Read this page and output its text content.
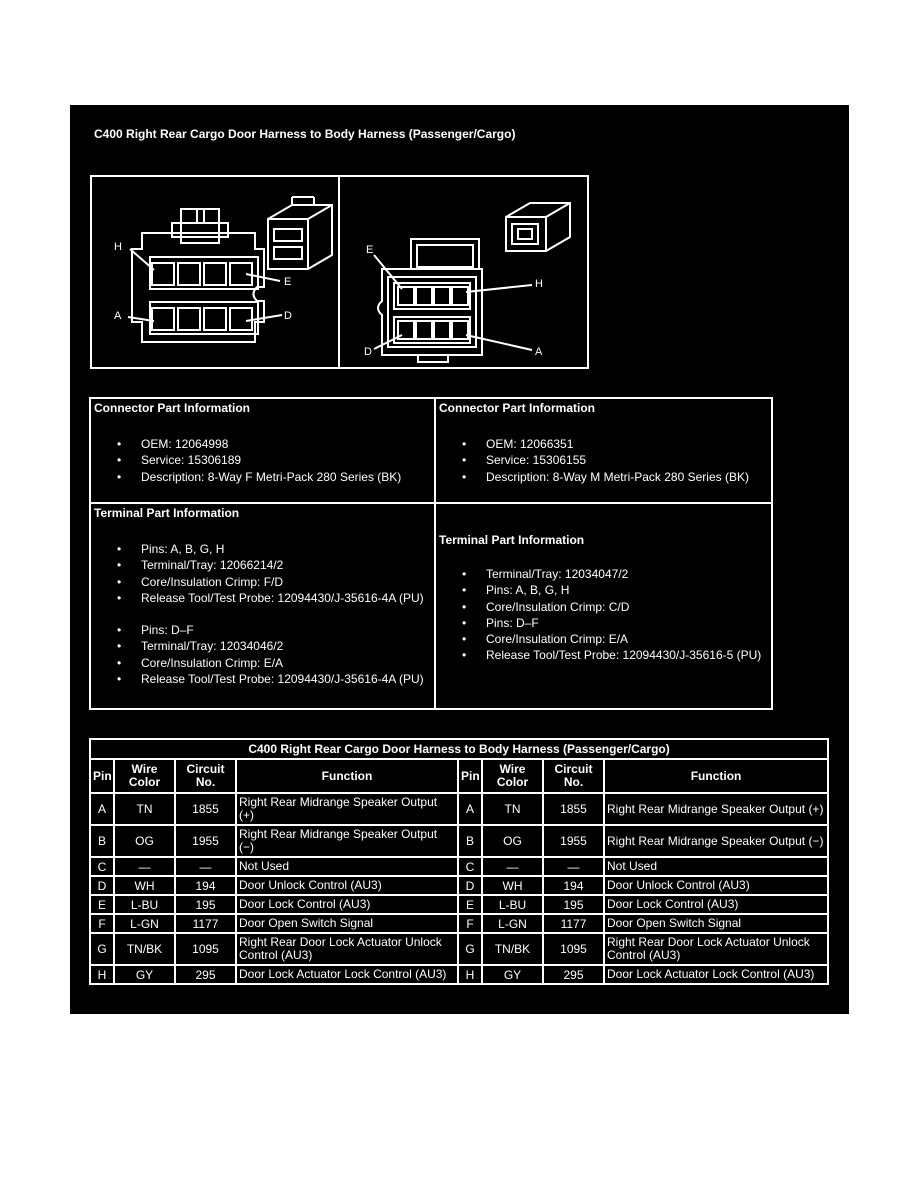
C400 Right Rear Cargo Door Harness to Body Harness (Passenger/Cargo)
H
E
A	D
E
H
D	A
Connector Part Information
• OEM: 12064998
• Service: 15306189
• Description: 8-Way F Metri-Pack 280 Series (BK)
Connector Part Information
• OEM: 12066351
• Service: 15306155
• Description: 8-Way M Metri-Pack 280 Series (BK)
Terminal Part Information
• Pins: A, B, G, H
• Terminal/Tray: 12066214/2
• Core/Insulation Crimp: F/D
• Release Tool/Test Probe: 12094430/J-35616-4A (PU)
• Pins: D–F
• Terminal/Tray: 12034046/2
• Core/Insulation Crimp: E/A
• Release Tool/Test Probe: 12094430/J-35616-4A (PU)
Terminal Part Information
• Terminal/Tray: 12034047/2
• Pins: A, B, G, H
• Core/Insulation Crimp: C/D
• Pins: D–F
• Core/Insulation Crimp: E/A
• Release Tool/Test Probe: 12094430/J-35616-5 (PU)
C400 Right Rear Cargo Door Harness to Body Harness (Passenger/Cargo)							
Pin	Wire Color	Circuit No.	Function	Pin	Wire Color	Circuit No.	Function
A	TN	1855	Right Rear Midrange Speaker Output (+)	A	TN	1855	Right Rear Midrange Speaker Output (+)
B	OG	1955	Right Rear Midrange Speaker Output (−)	B	OG	1955	Right Rear Midrange Speaker Output (−)
C	—	—	Not Used	C	—	—	Not Used
D	WH	194	Door Unlock Control (AU3)	D	WH	194	Door Unlock Control (AU3)
E	L-BU	195	Door Lock Control (AU3)	E	L-BU	195	Door Lock Control (AU3)
F	L-GN	1177	Door Open Switch Signal	F	L-GN	1177	Door Open Switch Signal
G	TN/BK	1095	Right Rear Door Lock Actuator Unlock Control (AU3)	G	TN/BK	1095	Right Rear Door Lock Actuator Unlock Control (AU3)
H	GY	295	Door Lock Actuator Lock Control (AU3)	H	GY	295	Door Lock Actuator Lock Control (AU3)
